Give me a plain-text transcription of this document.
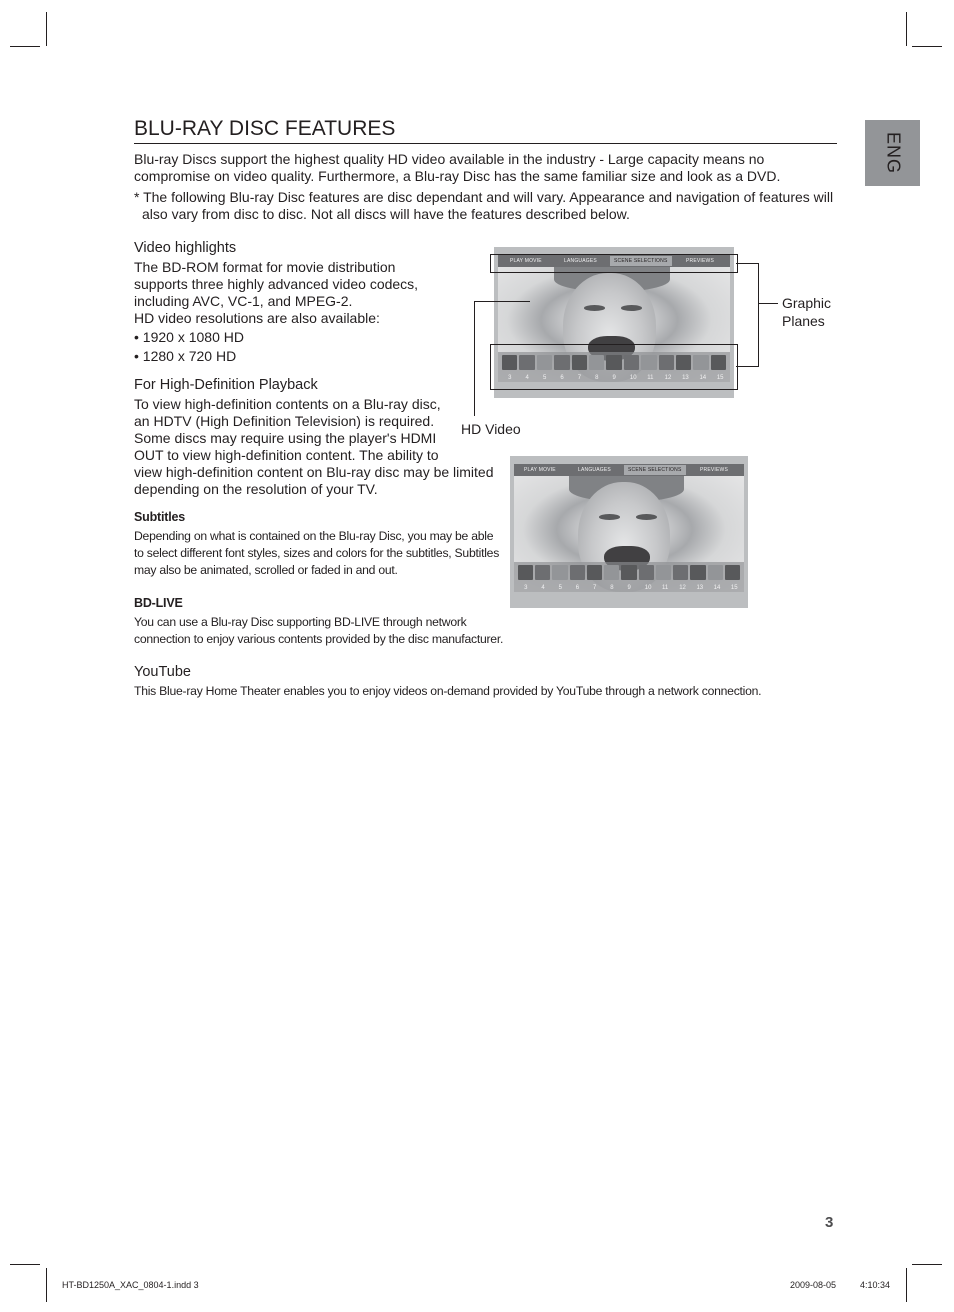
ENG
BLU-RAY DISC FEATURES

Blu-ray Discs support the highest quality HD video available in the industry - Large capacity means no compromise on video quality. Furthermore, a Blu-ray Disc has the same familiar size and look as a DVD.

* The following Blu-ray Disc features are disc dependant and will vary. Appearance and navigation of features will also vary from disc to disc. Not all discs will have the features described below.

Video highlights

The BD-ROM format for movie distribution
supports three highly advanced video codecs,
including AVC, VC-1, and MPEG-2.
HD video resolutions are also available:

• 1920 x 1080 HD
• 1280 x 720 HD
For High-Definition Playback

To view high-definition contents on a Blu-ray disc,
an HDTV (High Definition Television) is required.
Some discs may require using the player's HDMI
OUT to view high-definition content. The ability to
view high-definition content on Blu-ray disc may be limited
depending on the resolution of your TV.

Subtitles

Depending on what is contained on the Blu-ray Disc, you may be able
to select different font styles, sizes and colors for the subtitles, Subtitles
may also be animated, scrolled or faded in and out.

BD-LIVE

You can use a Blu-ray Disc supporting BD-LIVE through network
connection to enjoy various contents provided by the disc manufacturer.

YouTube

This Blue-ray Home Theater enables you to enjoy videos on-demand provided by YouTube through a network connection.

PLAY MOVIE	LANGUAGES	SCENE SELECTIONS	PREVIEWS
3 4 5 6 7 8 9 10 11 12 13 14 15
Graphic
Planes
HD Video
PLAY MOVIE	LANGUAGES	SCENE SELECTIONS	PREVIEWS
3 4 5 6 7 8 9 10 11 12 13 14 15
3
HT-BD1250A_XAC_0804-1.indd 3	2009-08-05	4:10:34
